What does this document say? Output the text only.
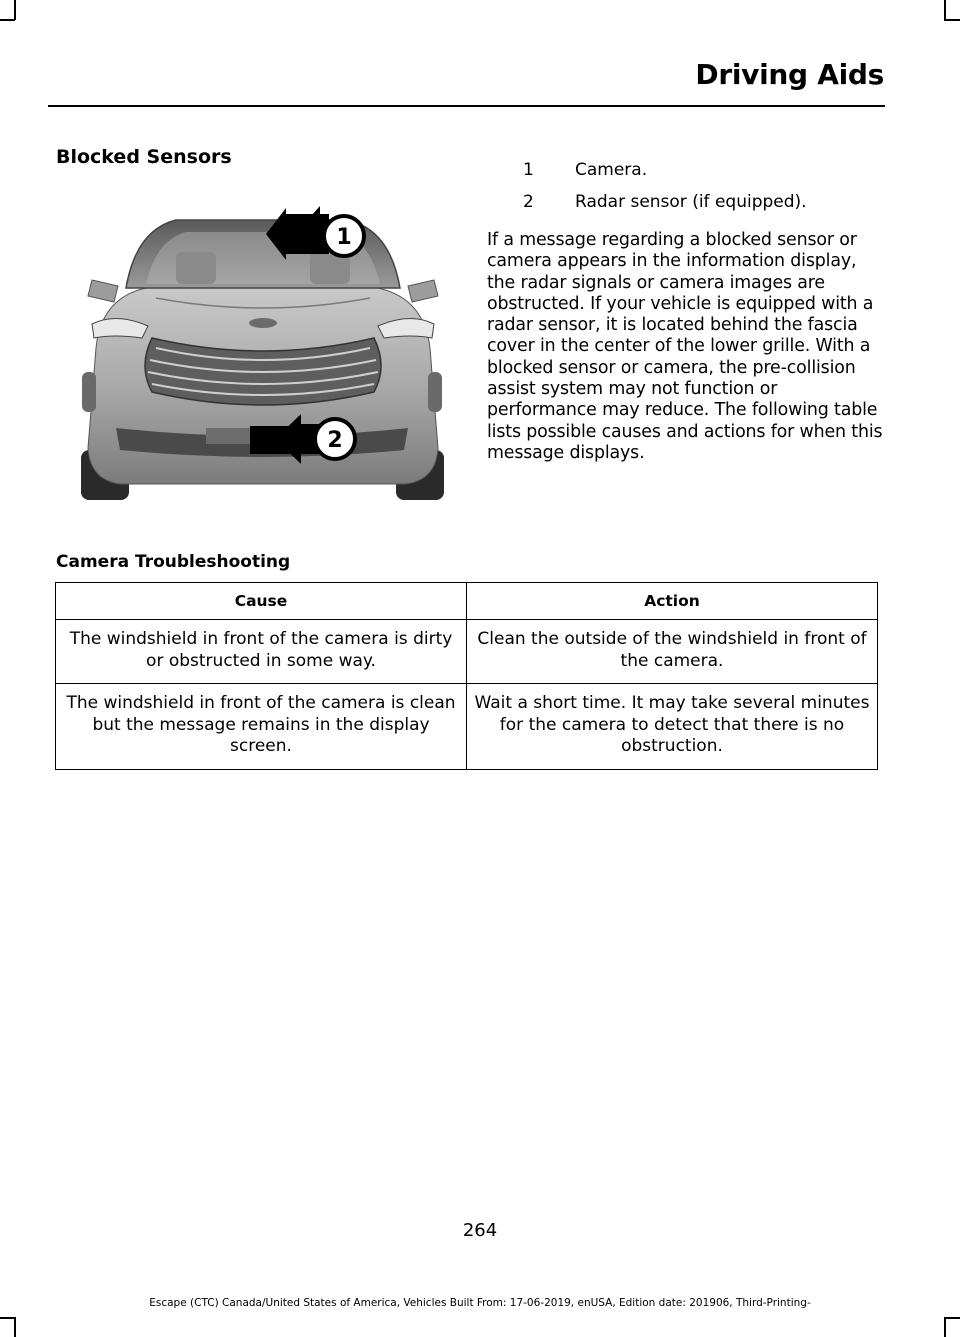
Driving Aids
Blocked Sensors
1
2
1 Camera.
2 Radar sensor (if equipped).
If a message regarding a blocked sensor or camera appears in the information display, the radar signals or camera images are obstructed. If your vehicle is equipped with a radar sensor, it is located behind the fascia cover in the center of the lower grille. With a blocked sensor or camera, the pre-collision assist system may not function or performance may reduce. The following table lists possible causes and actions for when this message displays.
Camera Troubleshooting
Cause	Action
The windshield in front of the camera is dirty or obstructed in some way.	Clean the outside of the windshield in front of the camera.
The windshield in front of the camera is clean but the message remains in the display screen.	Wait a short time. It may take several minutes for the camera to detect that there is no obstruction.
264
Escape (CTC) Canada/United States of America, Vehicles Built From: 17-06-2019, enUSA, Edition date: 201906, Third-Printing-
